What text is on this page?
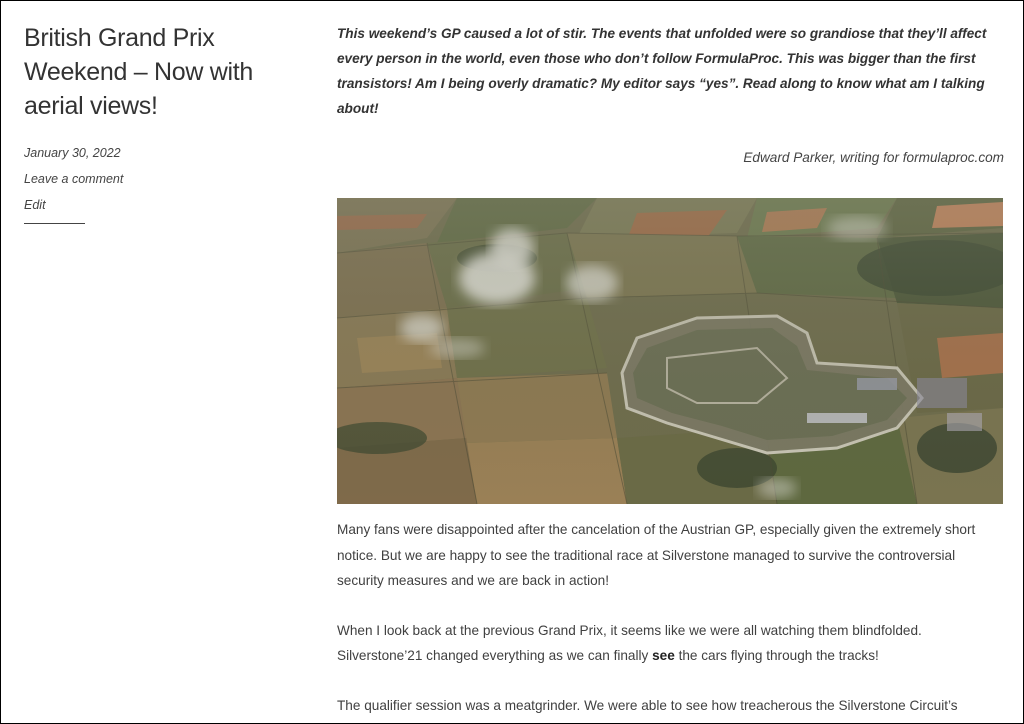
British Grand Prix Weekend – Now with aerial views!
January 30, 2022
Leave a comment
Edit

This weekend’s GP caused a lot of stir. The events that unfolded were so grandiose that they’ll affect every person in the world, even those who don’t follow FormulaProc. This was bigger than the first transistors! Am I being overly dramatic? My editor says “yes”. Read along to know what am I talking about!

Edward Parker, writing for formulaproc.com

Many fans were disappointed after the cancelation of the Austrian GP, especially given the extremely short notice. But we are happy to see the traditional race at Silverstone managed to survive the controversial security measures and we are back in action!

When I look back at the previous Grand Prix, it seems like we were all watching them blindfolded. Silverstone’21 changed everything as we can finally see the cars flying through the tracks!

The qualifier session was a meatgrinder. We were able to see how treacherous the Silverstone Circuit’s
